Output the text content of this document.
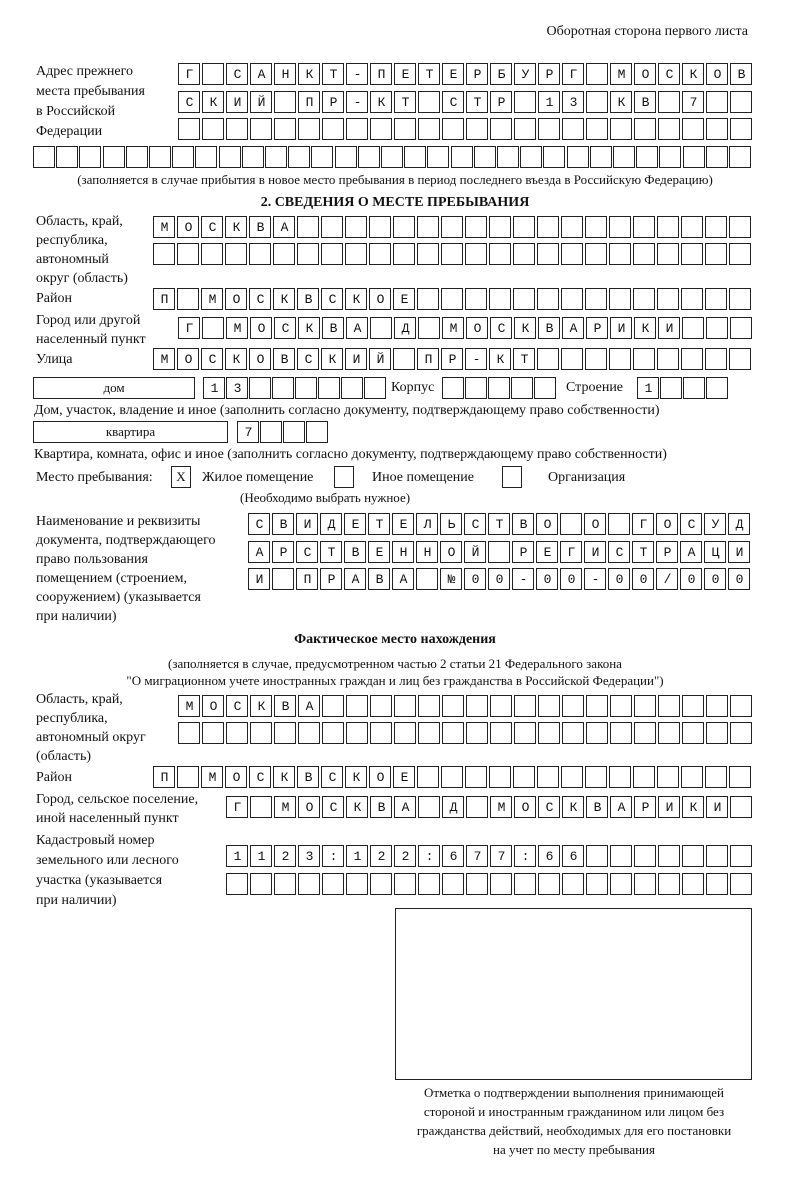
Оборотная сторона первого листа
Адрес прежнего
места пребывания
в Российской
Федерации
Г САНКТ-ПЕТЕРБУРГ МОСКОВ
СКИЙ ПР-КТ СТР 13 КВ 7

(заполняется в случае прибытия в новое место пребывания в период последнего въезда в Российскую Федерацию)
2. СВЕДЕНИЯ О МЕСТЕ ПРЕБЫВАНИЯ
Область, край,
республика,
автономный
округ (область)
МОСКВА

Район	П МОСКВСКОЕ
Город или другой
населенный пункт
Г МОСКВА Д МОСКВАРИКИ
Улица	МОСКОВСКИЙ ПР-КТ
дом	13
Корпус
	Строение 1
Дом, участок, владение и иное (заполнить согласно документу, подтверждающему право собственности)
квартира	7
Квартира, комната, офис и иное (заполнить согласно документу, подтверждающему право собственности)
Место пребывания:	X	Жилое помещение	Иное помещение	Организация
(Необходимо выбрать нужное)
Наименование и реквизиты
документа, подтверждающего
право пользования
помещением (строением,
сооружением) (указывается
при наличии)
СВИДЕТЕЛЬСТВО О ГОСУД
АРСТВЕННОЙ РЕГИСТРАЦИ
И ПРАВА №00-00-00/000
Фактическое место нахождения
(заполняется в случае, предусмотренном частью 2 статьи 21 Федерального закона
"О миграционном учете иностранных граждан и лиц без гражданства в Российской Федерации")
Область, край,
республика,
автономный округ
(область)
МОСКВА

Район	П МОСКВСКОЕ
Город, сельское поселение,
иной населенный пункт
Г МОСКВА Д МОСКВАРИКИ
Кадастровый номер
земельного или лесного
участка (указывается
при наличии)
1123:122:677:66

Отметка о подтверждении выполнения принимающей
стороной и иностранным гражданином или лицом без
гражданства действий, необходимых для его постановки
на учет по месту пребывания
